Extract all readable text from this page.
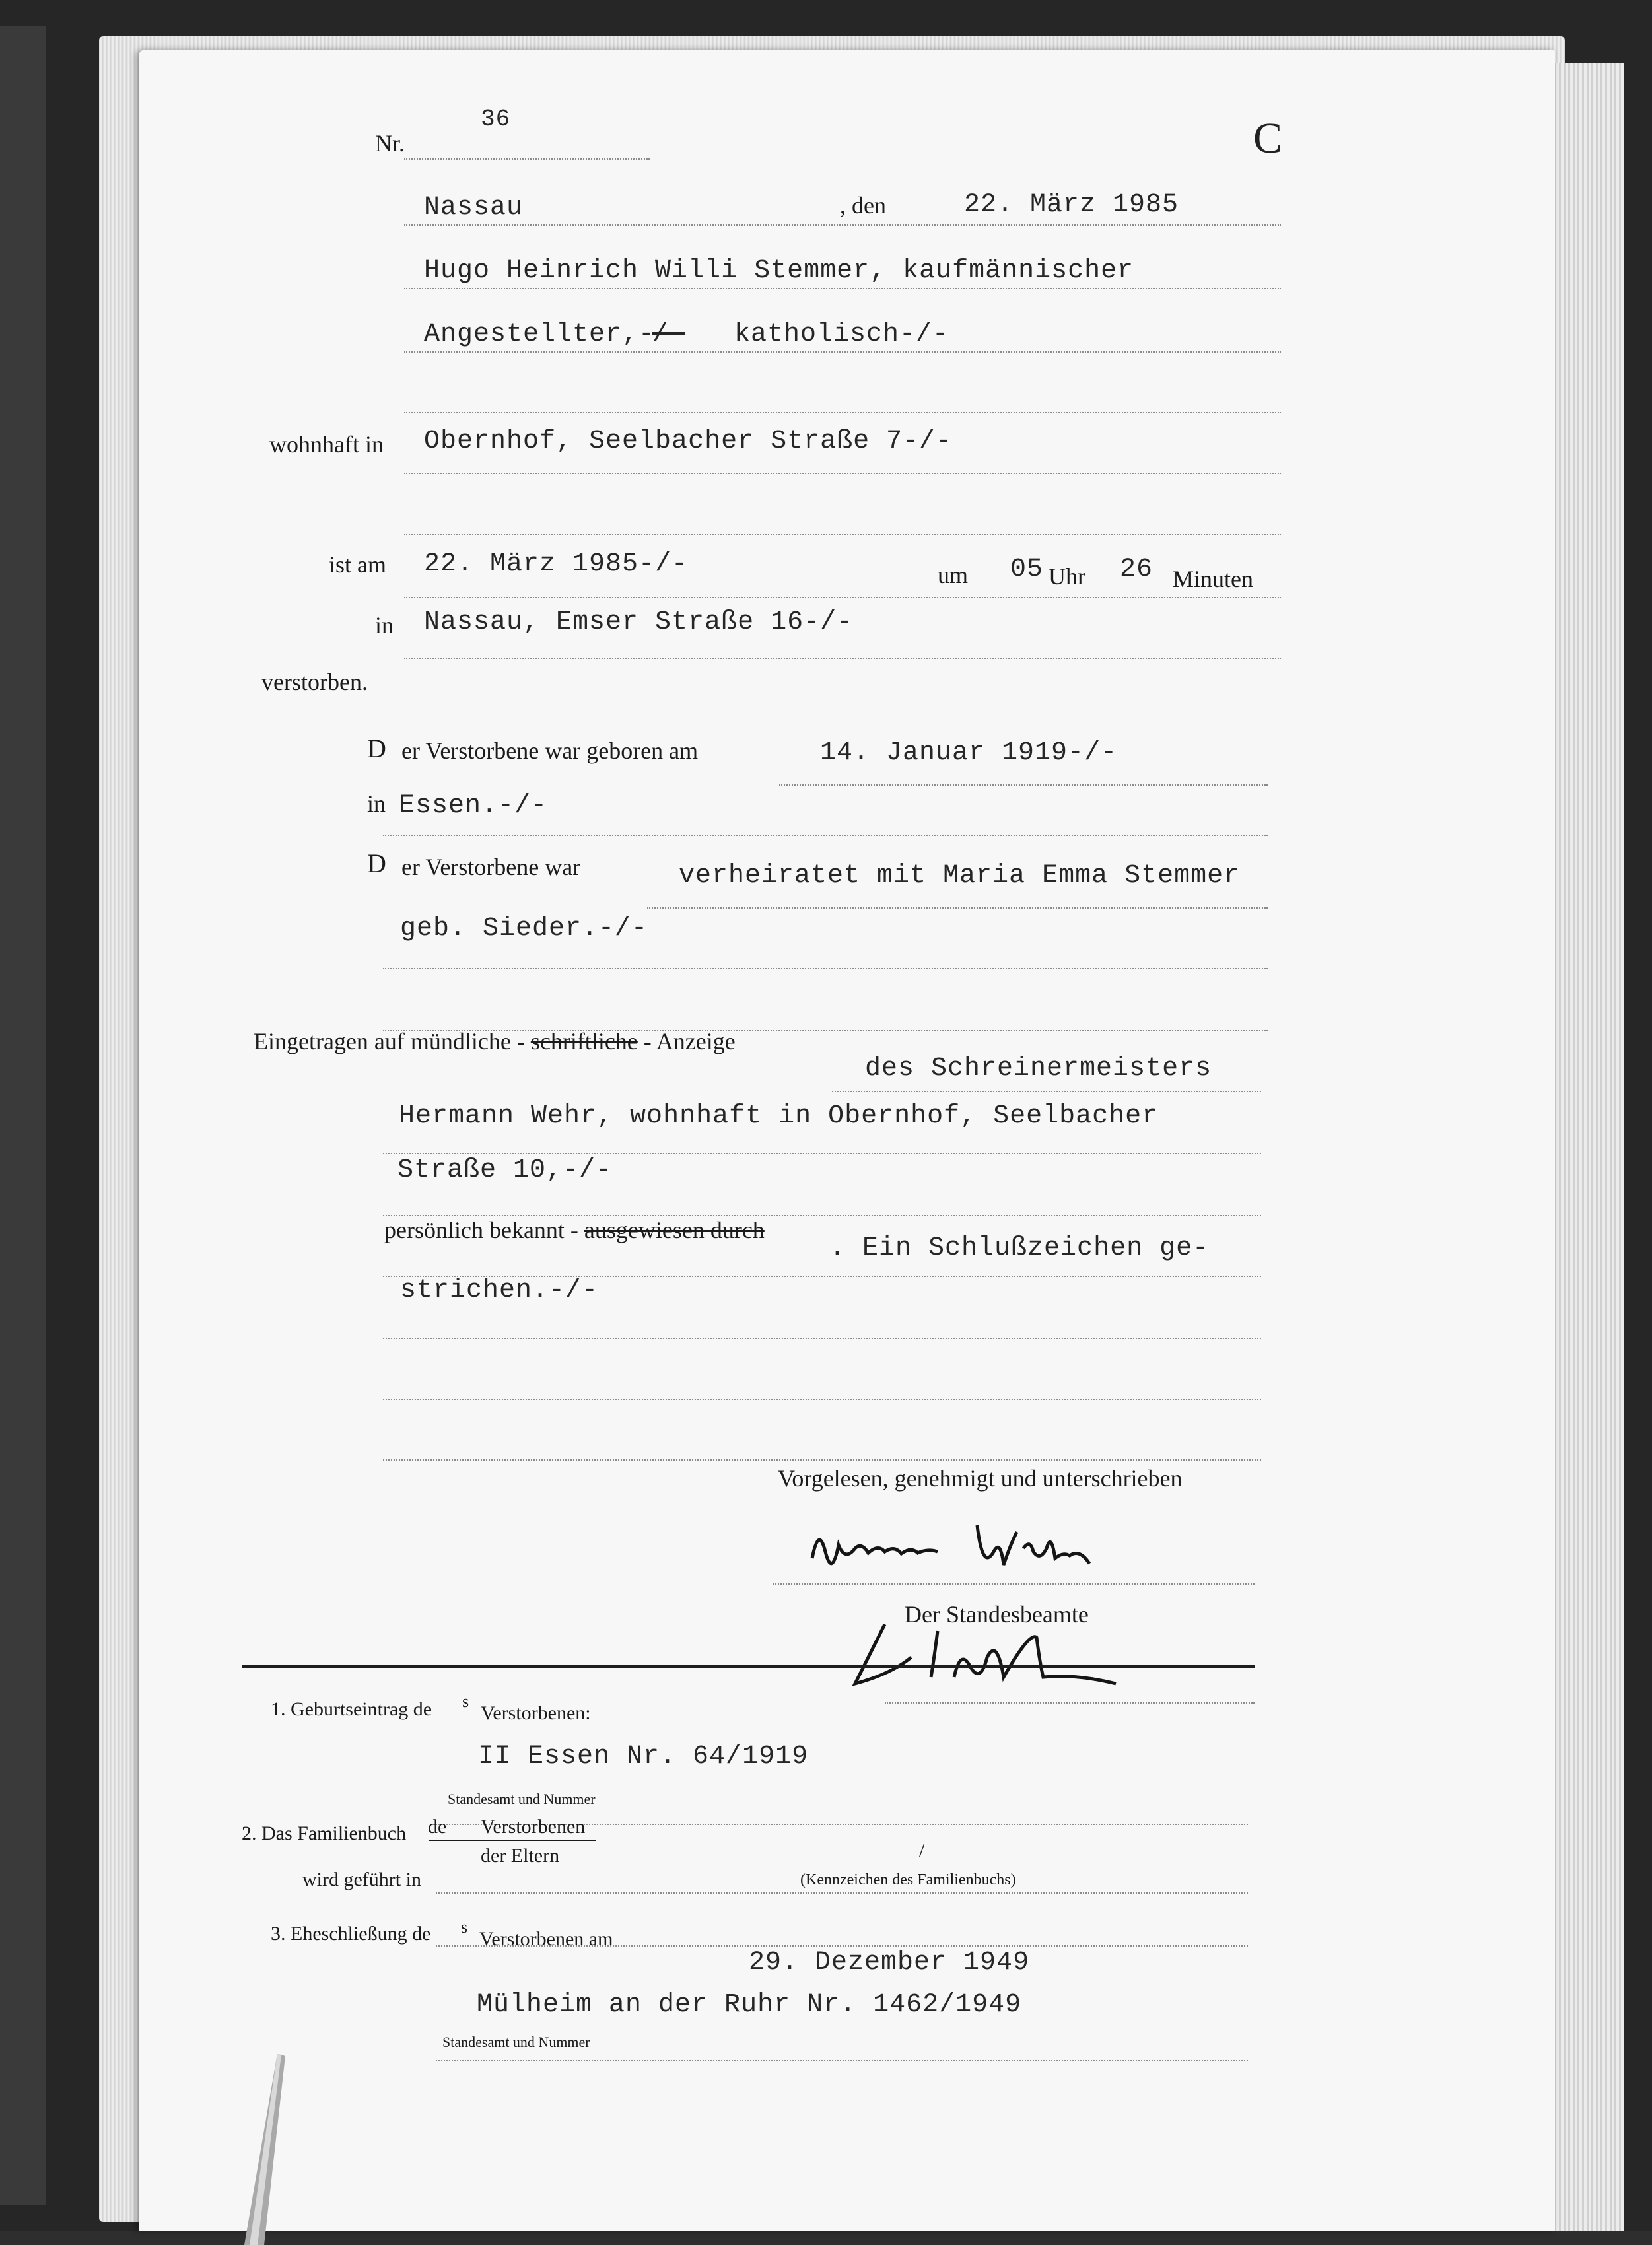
Nr.
36	C
Nassau	, den	22. März 1985
Hugo Heinrich Willi Stemmer, kaufmännischer
Angestellter,-
/- katholisch-/-
wohnhaft in Obernhof, Seelbacher Straße 7-/-
ist am 22. März 1985-/-	um 05 Uhr 26 Minuten
in Nassau, Emser Straße 16-/-
verstorben.
D er Verstorbene war geboren am	14. Januar 1919-/-
in Essen.-/-
D er Verstorbene war	verheiratet mit Maria Emma Stemmer
geb. Sieder.-/-
Eingetragen auf mündliche - schriftliche - Anzeige
des Schreinermeisters
Hermann Wehr, wohnhaft in Obernhof, Seelbacher
Straße 10,-/-
persönlich bekannt - ausgewiesen durch
. Ein Schlußzeichen ge-
strichen.-/-
Vorgelesen, genehmigt und unterschrieben
Der Standesbeamte
1. Geburtseintrag de s
Verstorbenen:
II Essen Nr. 64/1919
Standesamt und Nummer
2. Das Familienbuch de Verstorbenen
der Eltern	/
wird geführt in	(Kennzeichen des Familienbuchs)
3. Eheschließung de s
Verstorbenen am
29. Dezember 1949
Mülheim an der Ruhr Nr. 1462/1949
Standesamt und Nummer
